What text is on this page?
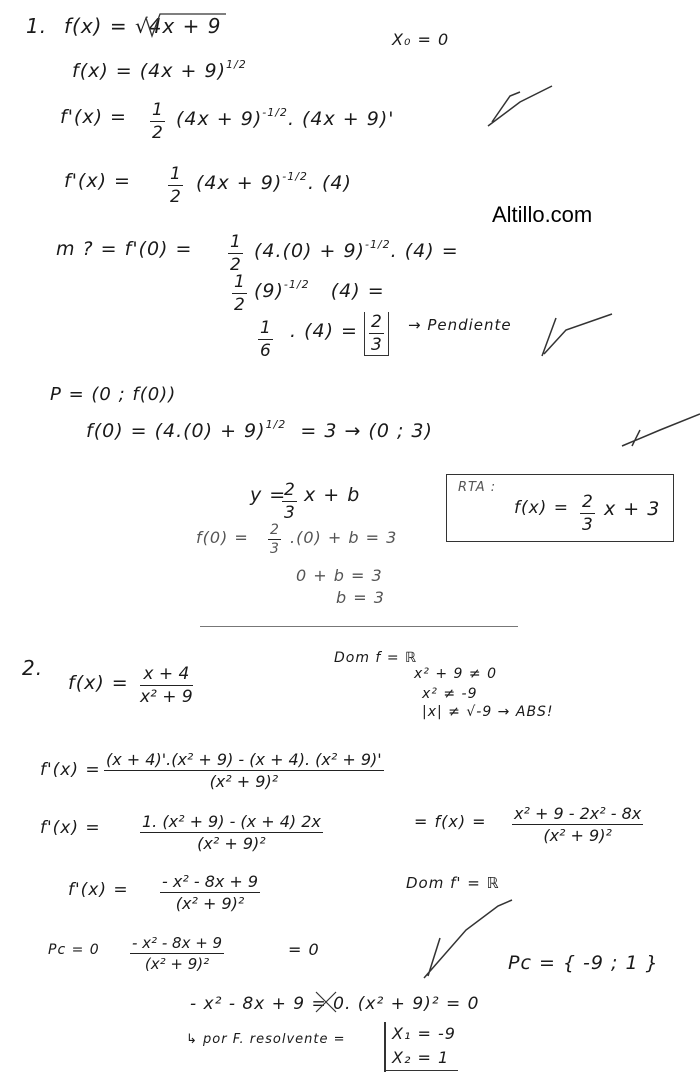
Altillo.com
1. f(x) = √4x + 9
X₀ = 0
$f(x) = (4x + 9)^{1/2}$
$f'(x) = \frac{1}{2} (4x + 9)^{-1/2}$. (4x + 9)'
$f'(x) = \frac{1}{2} (4x + 9)^{-1/2}$. (4)
m ? = $f'(0) = \frac{1}{2} (4.(0) + 9)^{-1/2}$. (4) =
$\frac{1}{2} (9)^{-1/2}$ (4) =
$\frac{1}{6}$ . $(4) = \frac{2}{3}$ → Pendiente
P = (0 ; f(0))
$f(0) = (4.(0) + 9)^{1/2} = 3 \to (0$ ; 3)
y =
$\frac{2}{3}$ x + b	RTA :
$f(x) = \frac{2}{3}$ x + 3
$f(0) = \frac{2}{3} .(0) + b = 3$
0 + b = 3
b = 3
2.
$f(x) = \frac{x + 4}{\text{x² + 9}}$
Dom f = ℝ
x² + 9 ≠ 0
x² ≠ -9
|x| ≠ √-9 → ABS!
$f'(x) = \frac{\text{(x + 4)'.(x² + 9) - (x + 4). (x² + 9)'}}{\text{(x² + 9)²}}$
$f'(x) = \frac{\text{1. (x² + 9) - (x + 4) 2x}}{\text{(x² + 9)²}}$	= $f(x) = \frac{\text{x² + 9 - 2x² - 8x}}{\text{(x² + 9)²}}$
$f'(x) = \frac{\text{- x² - 8x + 9}}{\text{(x² + 9)²}}$	Dom f' = ℝ
$Pc = 0 \frac{\text{- x² - 8x + 9}}{\text{(x² + 9)²}}$	= 0
Pc = { -9 ; 1 }
- x² - 8x + 9 = 0. (x² + 9)² = 0
↳ por F. resolvente =	X₁ = -9
X₂ = 1
